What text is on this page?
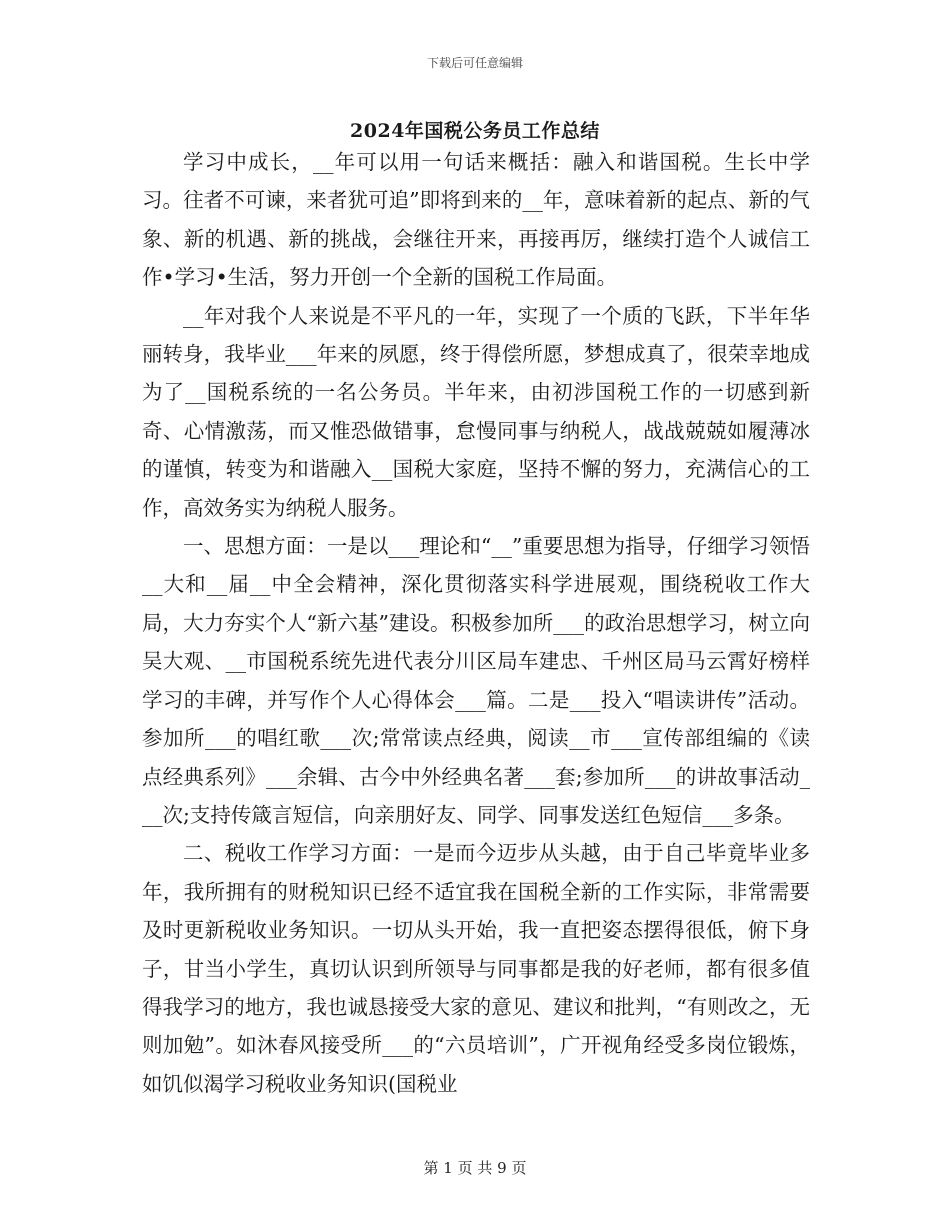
下载后可任意编辑
2024年国税公务员工作总结

学习中成长，__年可以用一句话来概括：融入和谐国税。生长中学习。往者不可谏，来者犹可追”即将到来的__年，意味着新的起点、新的气象、新的机遇、新的挑战，会继往开来，再接再厉，继续打造个人诚信工作•学习•生活，努力开创一个全新的国税工作局面。

__年对我个人来说是不平凡的一年，实现了一个质的飞跃，下半年华丽转身，我毕业___年来的夙愿，终于得偿所愿，梦想成真了，很荣幸地成为了__国税系统的一名公务员。半年来，由初涉国税工作的一切感到新奇、心情激荡，而又惟恐做错事，怠慢同事与纳税人，战战兢兢如履薄冰的谨慎，转变为和谐融入__国税大家庭，坚持不懈的努力，充满信心的工作，高效务实为纳税人服务。

一、思想方面：一是以___理论和“__”重要思想为指导，仔细学习领悟__大和__届__中全会精神，深化贯彻落实科学进展观，围绕税收工作大局，大力夯实个人“新六基”建设。积极参加所___的政治思想学习，树立向吴大观、__市国税系统先进代表分川区局车建忠、千州区局马云霄好榜样学习的丰碑，并写作个人心得体会___篇。二是___投入“唱读讲传”活动。参加所___的唱红歌___次;常常读点经典，阅读__市___宣传部组编的《读点经典系列》___余辑、古今中外经典名著___套;参加所___的讲故事活动___次;支持传箴言短信，向亲朋好友、同学、同事发送红色短信___多条。

二、税收工作学习方面：一是而今迈步从头越，由于自己毕竟毕业多年，我所拥有的财税知识已经不适宜我在国税全新的工作实际，非常需要及时更新税收业务知识。一切从头开始，我一直把姿态摆得很低，俯下身子，甘当小学生，真切认识到所领导与同事都是我的好老师，都有很多值得我学习的地方，我也诚恳接受大家的意见、建议和批判，“有则改之，无则加勉”。如沐春风接受所___的“六员培训”，广开视角经受多岗位锻炼，如饥似渴学习税收业务知识(国税业

第 1 页 共 9 页
